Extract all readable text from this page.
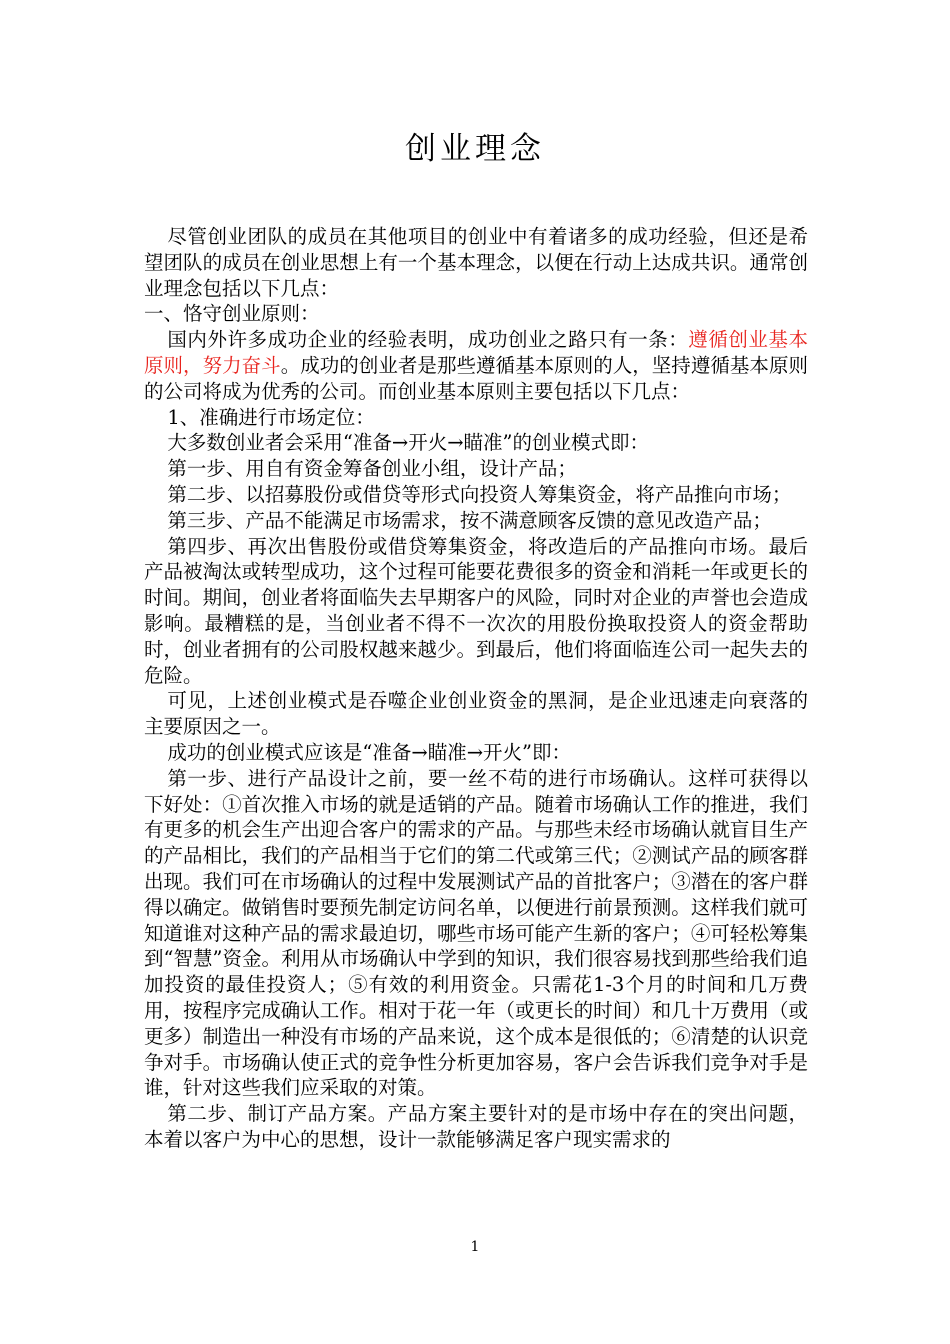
创业理念

尽管创业团队的成员在其他项目的创业中有着诸多的成功经验，但还是希望团队的成员在创业思想上有一个基本理念，以便在行动上达成共识。通常创业理念包括以下几点：

一、恪守创业原则：

国内外许多成功企业的经验表明，成功创业之路只有一条：遵循创业基本原则，努力奋斗。成功的创业者是那些遵循基本原则的人，坚持遵循基本原则的公司将成为优秀的公司。而创业基本原则主要包括以下几点：

1、准确进行市场定位：

大多数创业者会采用“准备→开火→瞄准”的创业模式即：

第一步、用自有资金筹备创业小组，设计产品；

第二步、以招募股份或借贷等形式向投资人筹集资金，将产品推向市场；

第三步、产品不能满足市场需求，按不满意顾客反馈的意见改造产品；

第四步、再次出售股份或借贷筹集资金，将改造后的产品推向市场。最后产品被淘汰或转型成功，这个过程可能要花费很多的资金和消耗一年或更长的时间。期间，创业者将面临失去早期客户的风险，同时对企业的声誉也会造成影响。最糟糕的是，当创业者不得不一次次的用股份换取投资人的资金帮助时，创业者拥有的公司股权越来越少。到最后，他们将面临连公司一起失去的危险。

可见，上述创业模式是吞噬企业创业资金的黑洞，是企业迅速走向衰落的主要原因之一。

成功的创业模式应该是“准备→瞄准→开火”即：

第一步、进行产品设计之前，要一丝不苟的进行市场确认。这样可获得以下好处：①首次推入市场的就是适销的产品。随着市场确认工作的推进，我们有更多的机会生产出迎合客户的需求的产品。与那些未经市场确认就盲目生产的产品相比，我们的产品相当于它们的第二代或第三代；②测试产品的顾客群出现。我们可在市场确认的过程中发展测试产品的首批客户；③潜在的客户群得以确定。做销售时要预先制定访问名单，以便进行前景预测。这样我们就可知道谁对这种产品的需求最迫切，哪些市场可能产生新的客户；④可轻松筹集到“智慧”资金。利用从市场确认中学到的知识，我们很容易找到那些给我们追加投资的最佳投资人；⑤有效的利用资金。只需花1-3个月的时间和几万费用，按程序完成确认工作。相对于花一年（或更长的时间）和几十万费用（或更多）制造出一种没有市场的产品来说，这个成本是很低的；⑥清楚的认识竞争对手。市场确认使正式的竞争性分析更加容易，客户会告诉我们竞争对手是谁，针对这些我们应采取的对策。

第二步、制订产品方案。产品方案主要针对的是市场中存在的突出问题，本着以客户为中心的思想，设计一款能够满足客户现实需求的

1
